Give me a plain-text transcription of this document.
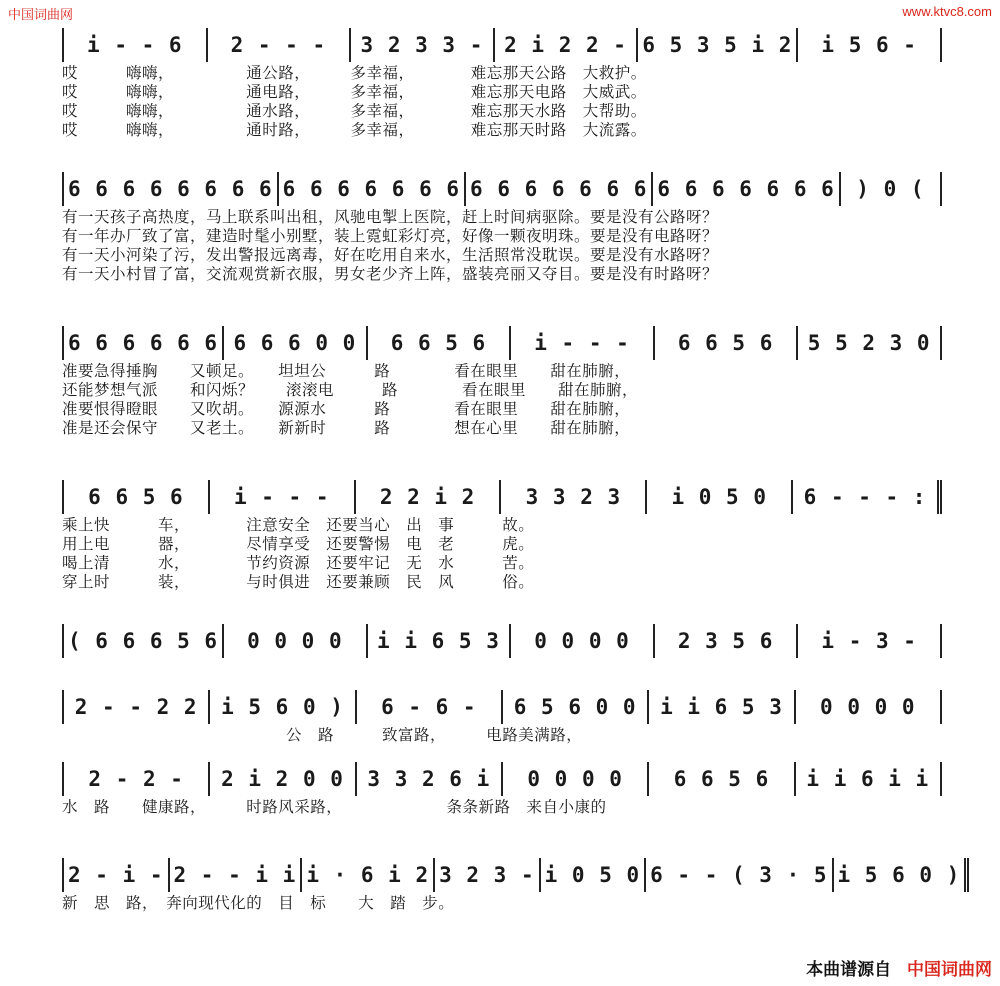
中国词曲网	www.ktvc8.com
i - - 6	2 - - -	3 2 3 3 - 2 i 2 2 - 6 5 3 5 i 2	i 5 6 -
哎　　　嗨嗨，　　　　　通公路，　　　多幸福，　　　　难忘那天公路　大救护。
哎　　　嗨嗨，　　　　　通电路，　　　多幸福，　　　　难忘那天电路　大威武。
哎　　　嗨嗨，　　　　　通水路，　　　多幸福，　　　　难忘那天水路　大帮助。
哎　　　嗨嗨，　　　　　通时路，　　　多幸福，　　　　难忘那天时路　大流露。
6 6 6 6 6 6 6 6 6 6 6 6 6 6 6 6 6 6 6 6 6 6 6 6 6 6 6 6 6	) 0 (
有一天孩子高热度，马上联系叫出租，风驰电掣上医院，赶上时间病驱除。要是没有公路呀？
有一年办厂致了富，建造时髦小别墅，装上霓虹彩灯亮，好像一颗夜明珠。要是没有电路呀？
有一天小河染了污，发出警报远离毒，好在吃用自来水，生活照常没耽误。要是没有水路呀？
有一天小村冒了富，交流观赏新衣服，男女老少齐上阵，盛装亮丽又夺目。要是没有时路呀？
6 6 6 6 6 6 6 6 6 0 0	6 6 5 6	i - - -	6 6 5 6	5 5 2 3 0
准要急得捶胸　　又顿足。　　坦坦公　　　路　　　　看在眼里　　甜在肺腑，
还能梦想气派　　和闪烁？　　滚滚电　　　路　　　　看在眼里　　甜在肺腑，
准要恨得瞪眼　　又吹胡。　　源源水　　　路　　　　看在眼里　　甜在肺腑，
准是还会保守　　又老土。　　新新时　　　路　　　　想在心里　　甜在肺腑，
6 6 5 6	i - - -	2 2 i 2	3 3 2 3	i 0 5 0	6 - - - :
乘上快　　　车，　　　　注意安全　还要当心　出　事　　　故。
用上电　　　器，　　　　尽情享受　还要警惕　电　老　　　虎。
喝上清　　　水，　　　　节约资源　还要牢记　无　水　　　苦。
穿上时　　　装，　　　　与时俱进　还要兼顾　民　风　　　俗。
( 6 6 6 5 6	0 0 0 0	i i 6 5 3	0 0 0 0	2 3 5 6	i - 3 -
2 - - 2 2	i 5 6 0 )	6 - 6 -	6 5 6 0 0	i i 6 5 3	0 0 0 0
　　　　　　　　　　　　　　公　路　　　致富路，　　　电路美满路，
2 - 2 -	2 i 2 0 0	3 3 2 6 i	0 0 0 0	6 6 5 6	i i 6 i i
水　路　　健康路，　　　时路风采路，　　　　　　　条条新路　来自小康的
2 - i - 2 - - i i i · 6 i 2 3 2 3 - i 0 5 0 6 - - ( 3 · 5 i 5 6 0 )
新　思　路，　奔向现代化的　目　标　　大　踏　步。
本曲谱源自 中国词曲网
